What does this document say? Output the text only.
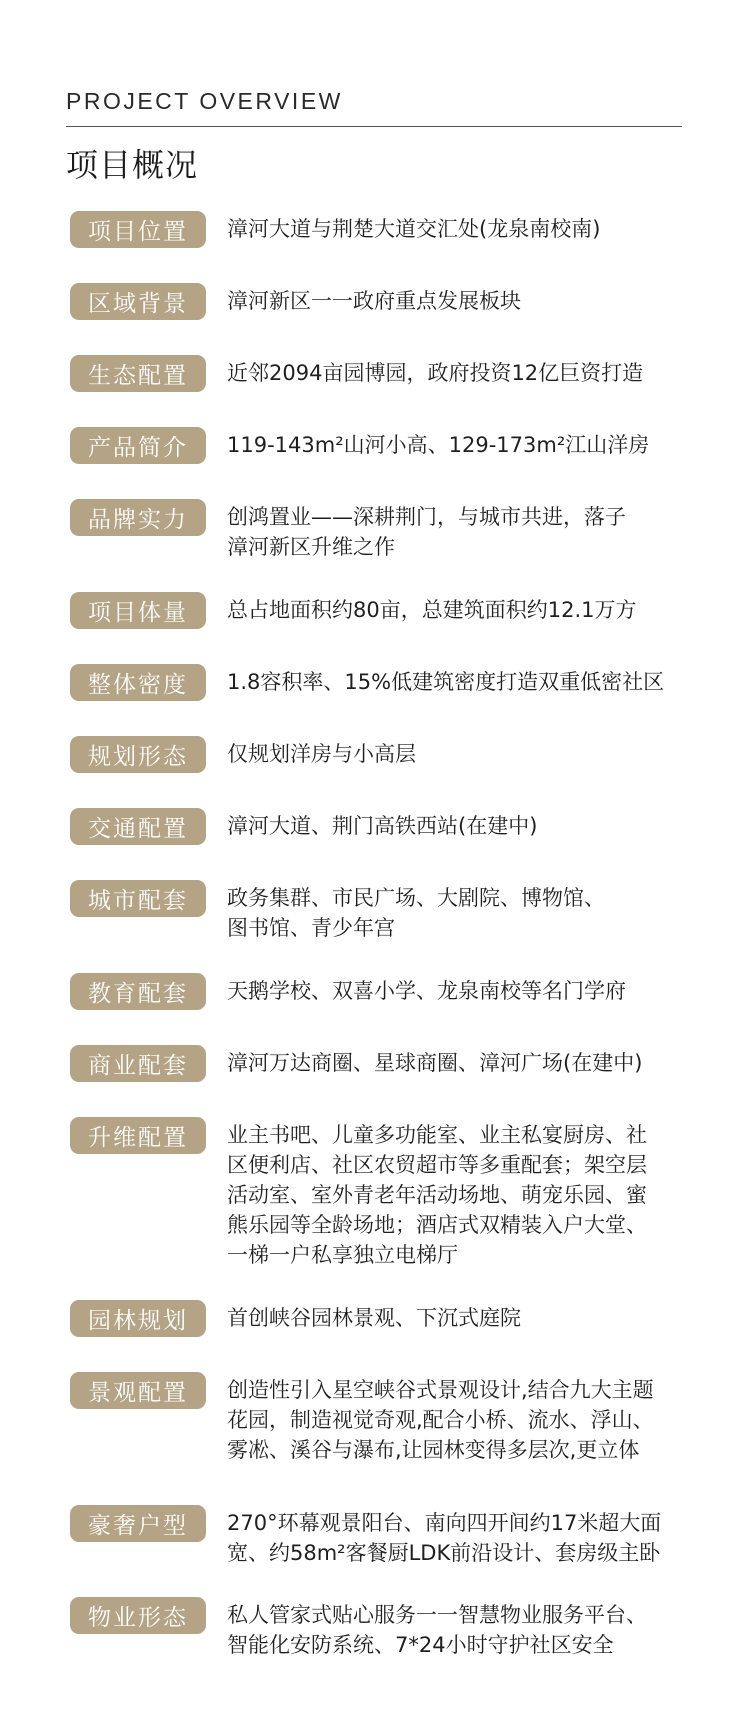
PROJECT OVERVIEW
项目概况
项目位置	漳河大道与荆楚大道交汇处(龙泉南校南)
区域背景	漳河新区一一政府重点发展板块
生态配置	近邻2094亩园博园，政府投资12亿巨资打造
产品简介	119-143m²山河小高、129-173m²江山洋房
品牌实力	创鸿置业——深耕荆门，与城市共进，落子
漳河新区升维之作
项目体量	总占地面积约80亩，总建筑面积约12.1万方
整体密度	1.8容积率、15%低建筑密度打造双重低密社区
规划形态	仅规划洋房与小高层
交通配置	漳河大道、荆门高铁西站(在建中)
城市配套	政务集群、市民广场、大剧院、博物馆、
图书馆、青少年宫
教育配套	天鹅学校、双喜小学、龙泉南校等名门学府
商业配套	漳河万达商圈、星球商圈、漳河广场(在建中)
升维配置	业主书吧、儿童多功能室、业主私宴厨房、社
区便利店、社区农贸超市等多重配套；架空层
活动室、室外青老年活动场地、萌宠乐园、蜜
熊乐园等全龄场地；酒店式双精装入户大堂、
一梯一户私享独立电梯厅
园林规划	首创峡谷园林景观、下沉式庭院
景观配置	创造性引入星空峡谷式景观设计,结合九大主题
花园，制造视觉奇观,配合小桥、流水、浮山、
雾凇、溪谷与瀑布,让园林变得多层次,更立体
豪奢户型	270°环幕观景阳台、南向四开间约17米超大面
宽、约58m²客餐厨LDK前沿设计、套房级主卧
物业形态	私人管家式贴心服务一一智慧物业服务平台、
智能化安防系统、7*24小时守护社区安全
